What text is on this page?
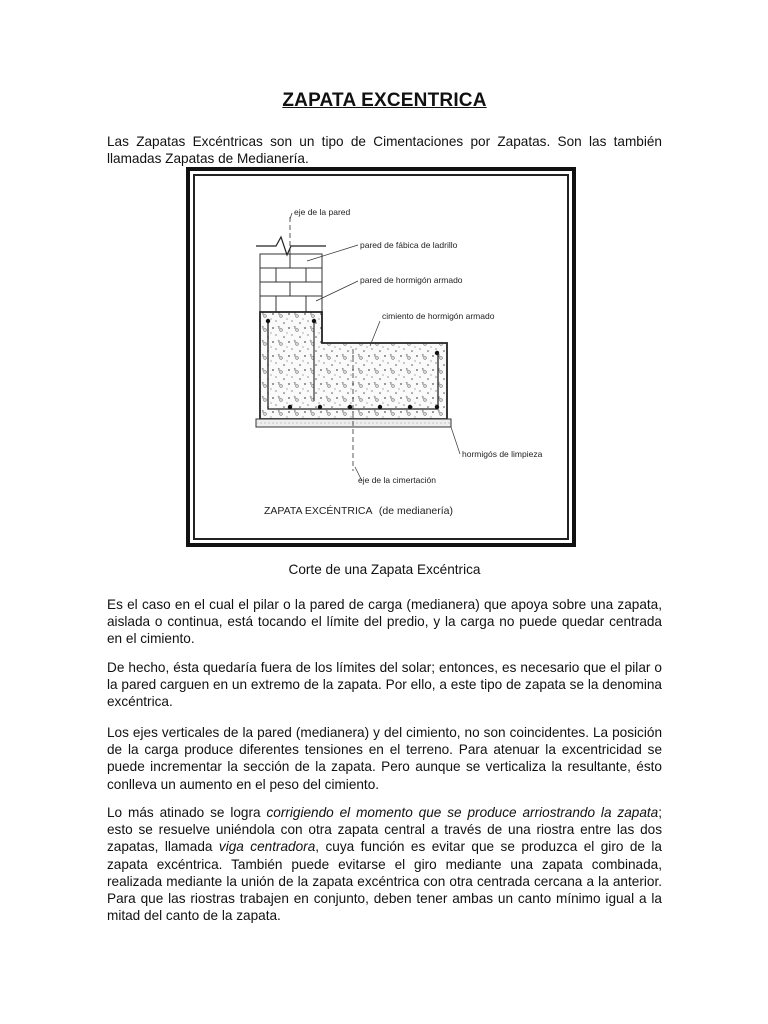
ZAPATA EXCENTRICA

Las Zapatas Excéntricas son un tipo de Cimentaciones por Zapatas. Son las también llamadas Zapatas de Medianería.

Corte de una Zapata Excéntrica

Es el caso en el cual el pilar o la pared de carga (medianera) que apoya sobre una zapata, aislada o continua, está tocando el límite del predio, y la carga no puede quedar centrada en el cimiento.

De hecho, ésta quedaría fuera de los límites del solar; entonces, es necesario que el pilar o la pared carguen en un extremo de la zapata. Por ello, a este tipo de zapata se la denomina excéntrica.

Los ejes verticales de la pared (medianera) y del cimiento, no son coincidentes. La posición de la carga produce diferentes tensiones en el terreno. Para atenuar la excentricidad se puede incrementar la sección de la zapata. Pero aunque se verticaliza la resultante, ésto conlleva un aumento en el peso del cimiento.

Lo más atinado se logra corrigiendo el momento que se produce arriostrando la zapata; esto se resuelve uniéndola con otra zapata central a través de una riostra entre las dos zapatas, llamada viga centradora, cuya función es evitar que se produzca el giro de la zapata excéntrica. También puede evitarse el giro mediante una zapata combinada, realizada mediante la unión de la zapata excéntrica con otra centrada cercana a la anterior. Para que las riostras trabajen en conjunto, deben tener ambas un canto mínimo igual a la mitad del canto de la zapata.

eje de la pared
pared de fábica de ladrillo
pared de hormigón armado
cimiento de hormigón armado
hormigós de limpieza
eje de la cimertación
ZAPATA EXCÉNTRICA (de medianería)
